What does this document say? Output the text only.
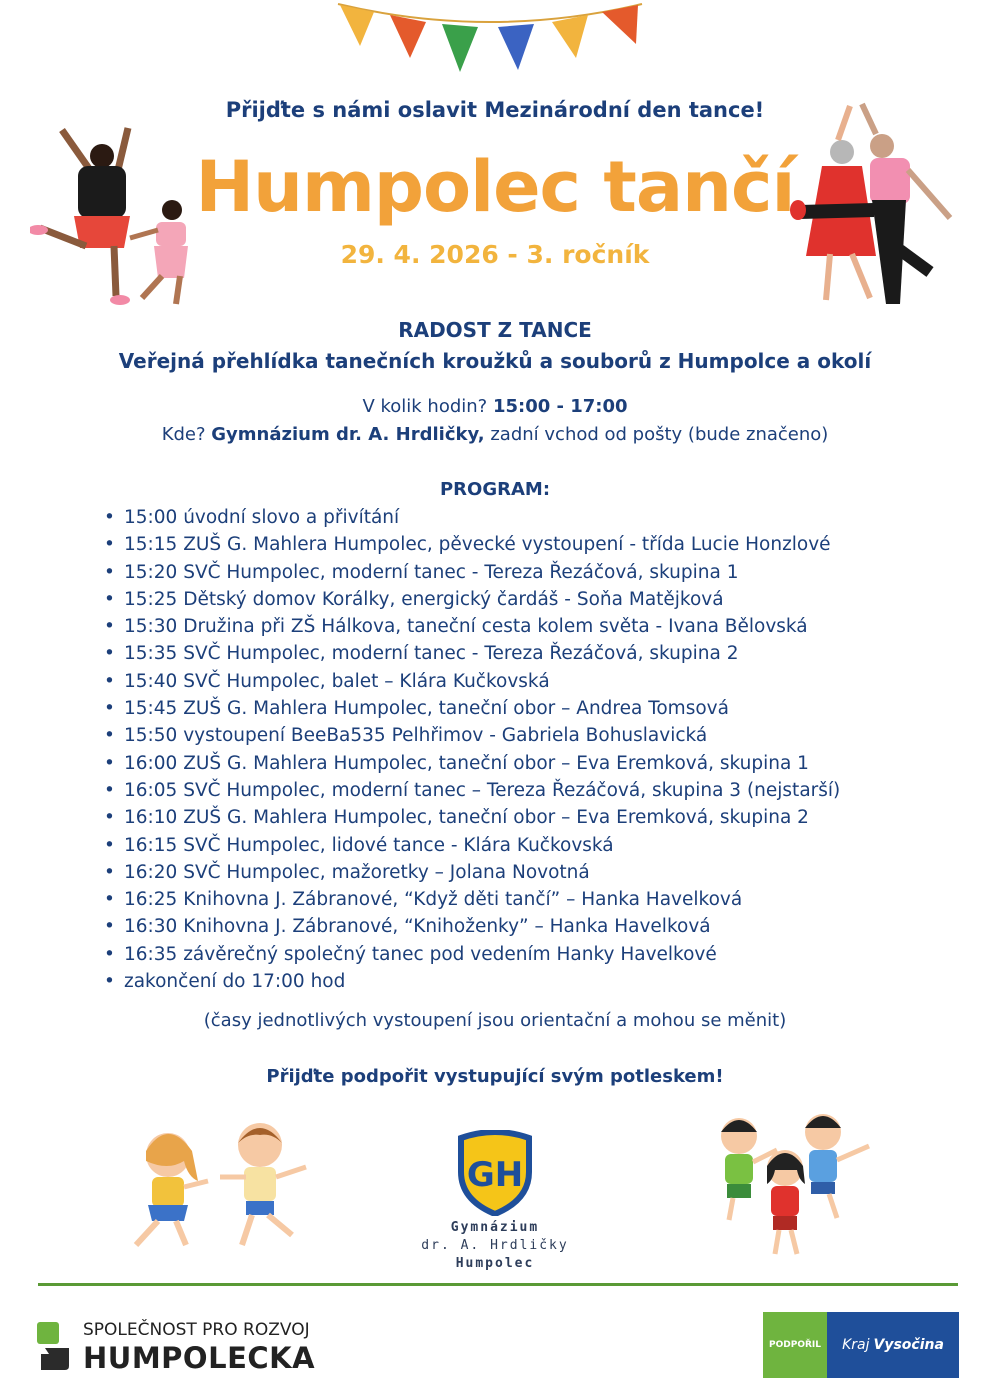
Přijďte s námi oslavit Mezinárodní den tance!
Humpolec tančí
29. 4. 2026 - 3. ročník
RADOST Z TANCE
Veřejná přehlídka tanečních kroužků a souborů z Humpolce a okolí
V kolik hodin? 15:00 - 17:00
Kde? Gymnázium dr. A. Hrdličky, zadní vchod od pošty (bude značeno)
PROGRAM:
• 15:00 úvodní slovo a přivítání
• 15:15 ZUŠ G. Mahlera Humpolec, pěvecké vystoupení - třída Lucie Honzlové
• 15:20 SVČ Humpolec, moderní tanec - Tereza Řezáčová, skupina 1
• 15:25 Dětský domov Korálky, energický čardáš - Soňa Matějková
• 15:30 Družina při ZŠ Hálkova, taneční cesta kolem světa - Ivana Bělovská
• 15:35 SVČ Humpolec, moderní tanec - Tereza Řezáčová, skupina 2
• 15:40 SVČ Humpolec, balet – Klára Kučkovská
• 15:45 ZUŠ G. Mahlera Humpolec, taneční obor – Andrea Tomsová
• 15:50 vystoupení BeeBa535 Pelhřimov - Gabriela Bohuslavická
• 16:00 ZUŠ G. Mahlera Humpolec, taneční obor – Eva Eremková, skupina 1
• 16:05 SVČ Humpolec, moderní tanec – Tereza Řezáčová, skupina 3 (nejstarší)
• 16:10 ZUŠ G. Mahlera Humpolec, taneční obor – Eva Eremková, skupina 2
• 16:15 SVČ Humpolec, lidové tance - Klára Kučkovská
• 16:20 SVČ Humpolec, mažoretky – Jolana Novotná
• 16:25 Knihovna J. Zábranové, “Když děti tančí” – Hanka Havelková
• 16:30 Knihovna J. Zábranové, “Knihoženky” – Hanka Havelková
• 16:35 závěrečný společný tanec pod vedením Hanky Havelkové
• zakončení do 17:00 hod
(časy jednotlivých vystoupení jsou orientační a mohou se měnit)
Přijďte podpořit vystupující svým potleskem!
GH
Gymnázium
dr. A. Hrdličky
Humpolec
SPOLEČNOST PRO ROZVOJ
HUMPOLECKA	PODPOŘIL	Kraj Vysočina
